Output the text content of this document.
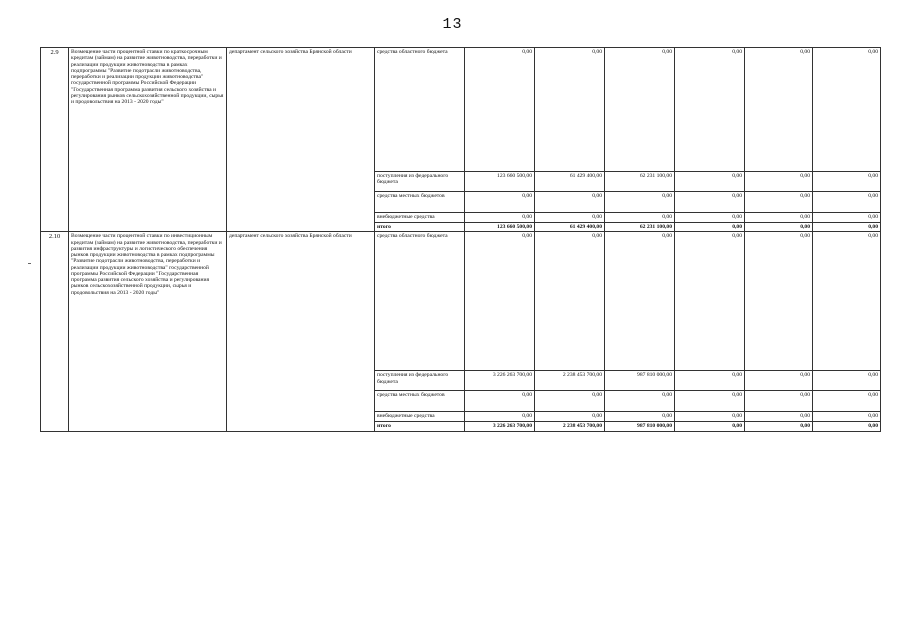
13
2.9	Возмещение части процентной ставки по краткосрочным кредитам (займам) на развитие животноводства, переработки и реализации продукции животноводства в рамках подпрограммы "Развитие подотрасли животноводства, переработки и реализации продукции животноводства" государственной программы Российской Федерации "Государственная программа развития сельского хозяйства и регулирования рынков сельскохозяйственной продукции, сырья и продовольствия на 2013 - 2020 годы"	департамент сельского хозяйства Брянской области	средства областного бюджета	0,00	0,00	0,00	0,00	0,00	0,00
			поступления из федерального бюджета	123 660 500,00	61 429 400,00	62 231 100,00	0,00	0,00	0,00
			средства местных бюджетов	0,00	0,00	0,00	0,00	0,00	0,00
			внебюджетные средства	0,00	0,00	0,00	0,00	0,00	0,00
			итого	123 660 500,00	61 429 400,00	62 231 100,00	0,00	0,00	0,00
2.10	Возмещение части процентной ставки по инвестиционным кредитам (займам) на развитие животноводства, переработки и развития инфраструктуры и логистического обеспечения рынков продукции животноводства в рамках подпрограммы "Развитие подотрасли животноводства, переработки и реализации продукции животноводства" государственной программы Российской Федерации "Государственная программа развития сельского хозяйства и регулирования рынков сельскохозяйственной продукции, сырья и продовольствия на 2013 - 2020 годы"	департамент сельского хозяйства Брянской области	средства областного бюджета	0,00	0,00	0,00	0,00	0,00	0,00
			поступления из федерального бюджета	3 226 263 700,00	2 238 453 700,00	987 810 000,00	0,00	0,00	0,00
			средства местных бюджетов	0,00	0,00	0,00	0,00	0,00	0,00
			внебюджетные средства	0,00	0,00	0,00	0,00	0,00	0,00
			итого	3 226 263 700,00	2 238 453 700,00	987 810 000,00	0,00	0,00	0,00
